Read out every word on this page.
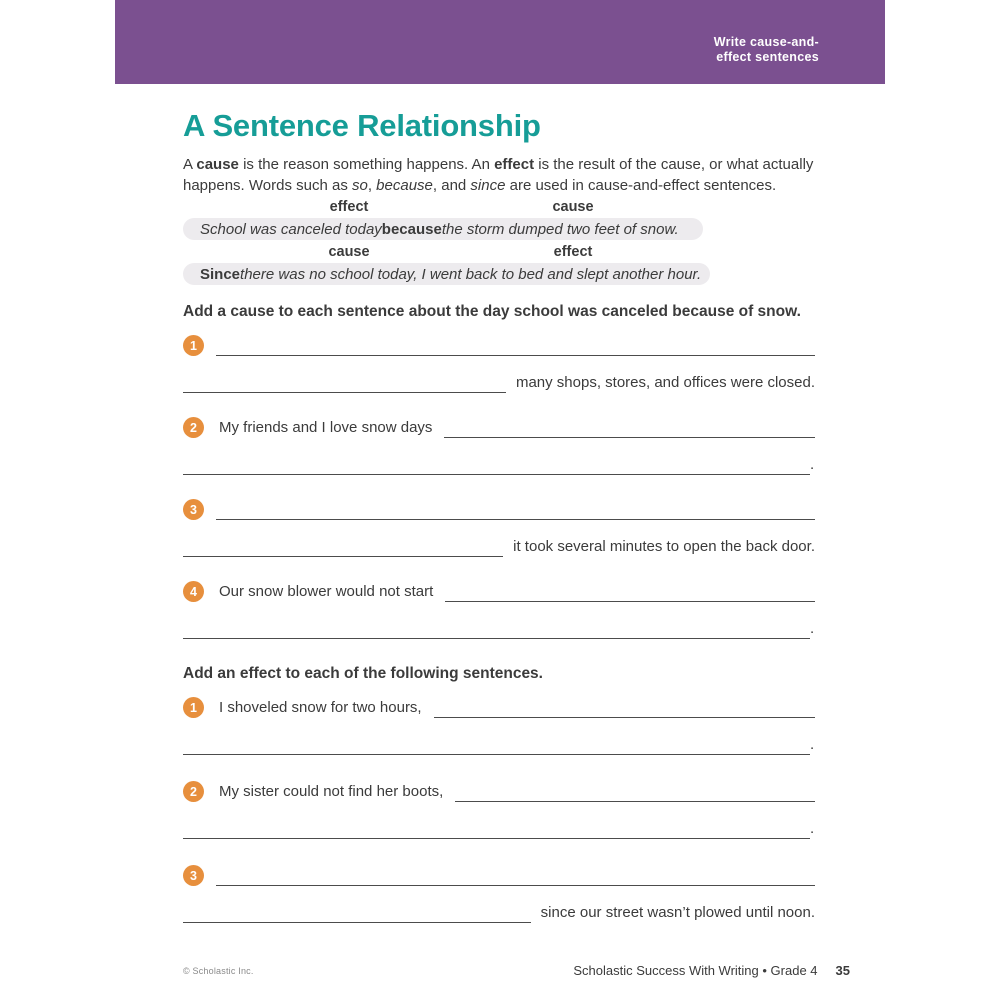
Write cause-and-
effect sentences
A Sentence Relationship
A cause is the reason something happens. An effect is the result of the cause, or what actually
happens. Words such as so, because, and since are used in cause-and-effect sentences.
effect	cause
School was canceled today because the storm dumped two feet of snow.
cause	effect
Since there was no school today, I went back to bed and slept another hour.
Add a cause to each sentence about the day school was canceled because of snow.
1
many shops, stores, and offices were closed.
2	My friends and I love snow days
.
3
it took several minutes to open the back door.
4	Our snow blower would not start
.
Add an effect to each of the following sentences.
1	I shoveled snow for two hours,
.
2	My sister could not find her boots,
.
3
since our street wasn’t plowed until noon.
© Scholastic Inc.	Scholastic Success With Writing • Grade 4 35
